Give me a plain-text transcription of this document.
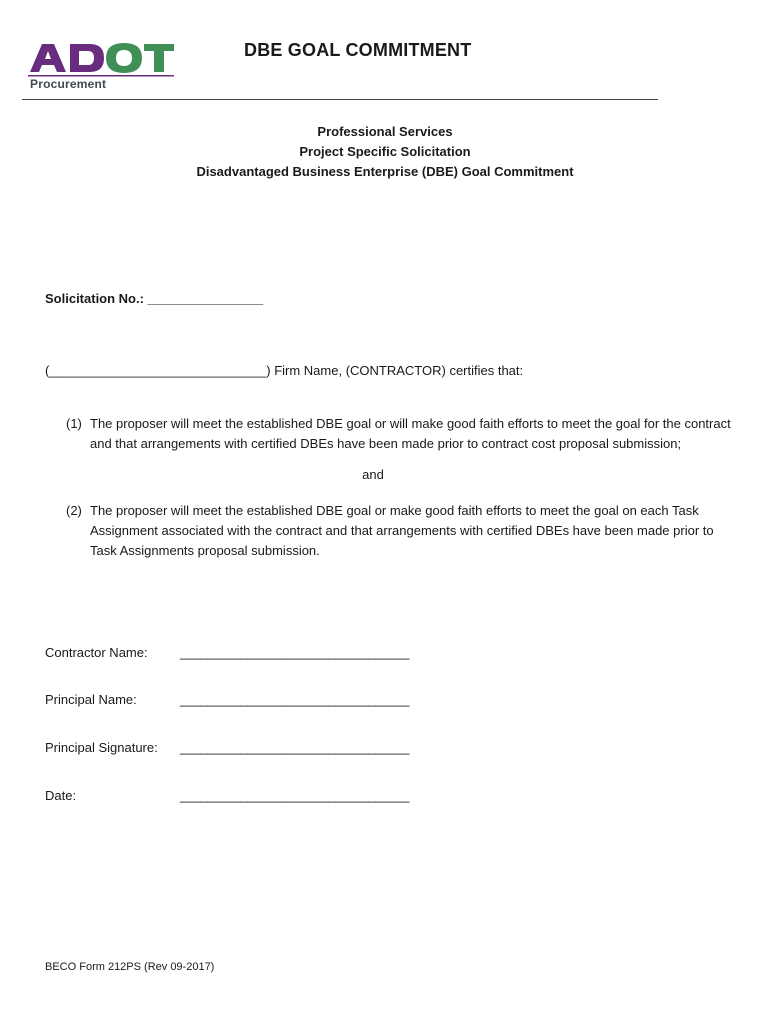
Procurement
DBE GOAL COMMITMENT
Professional Services
Project Specific Solicitation
Disadvantaged Business Enterprise (DBE) Goal Commitment
Solicitation No.: ________________
(______________________________) Firm Name, (CONTRACTOR) certifies that:
(1) The proposer will meet the established DBE goal or will make good faith efforts to meet the goal for the contract
and that arrangements with certified DBEs have been made prior to contract cost proposal submission;
and
(2) The proposer will meet the established DBE goal or make good faith efforts to meet the goal on each Task
Assignment associated with the contract and that arrangements with certified DBEs have been made prior to
Task Assignments proposal submission.
Contractor Name: __________________________________
Principal Name:	__________________________________
Principal Signature: __________________________________
Date:	__________________________________
BECO Form 212PS (Rev 09-2017)
